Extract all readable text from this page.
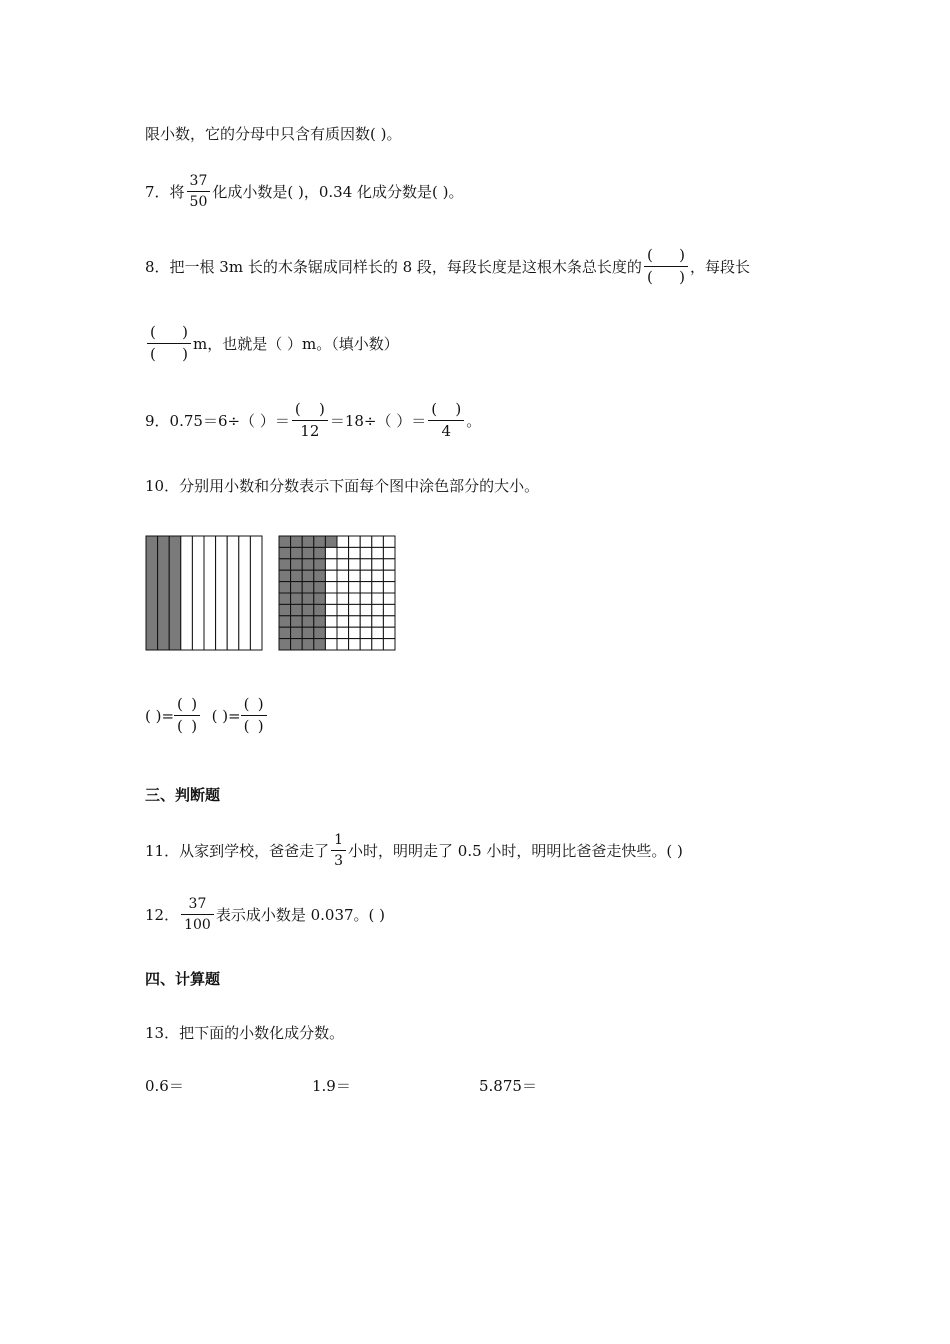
限小数，它的分母中只含有质因数( )。
7．将 $\frac{37}{50}$ 化成小数是( )，0.34 化成分数是( )。
8．把一根 3m 长的木条锯成同样长的 8 段，每段长度是这根木条总长度的 $\frac{( )}{( )}$ ，每段长
$\frac{( )}{( )}$ m，也就是（ ）m。（填小数）
9．0.75＝6÷（ ）＝ $\frac{( )}{12} =18\div$（ ）＝ $\frac{( )}{4}$ 。
10．分别用小数和分数表示下面每个图中涂色部分的大小。
( )= $\frac{( )}{( )}$ ( )= $\frac{( )}{( )}$
三、判断题
11．从家到学校，爸爸走了 $\frac{1}{3}$ 小时，明明走了 0.5 小时，明明比爸爸走快些。( )
12． $\frac{37}{100}$ 表示成小数是 0.037。( )
四、计算题
13．把下面的小数化成分数。
0.6＝	1.9＝	5.875＝
